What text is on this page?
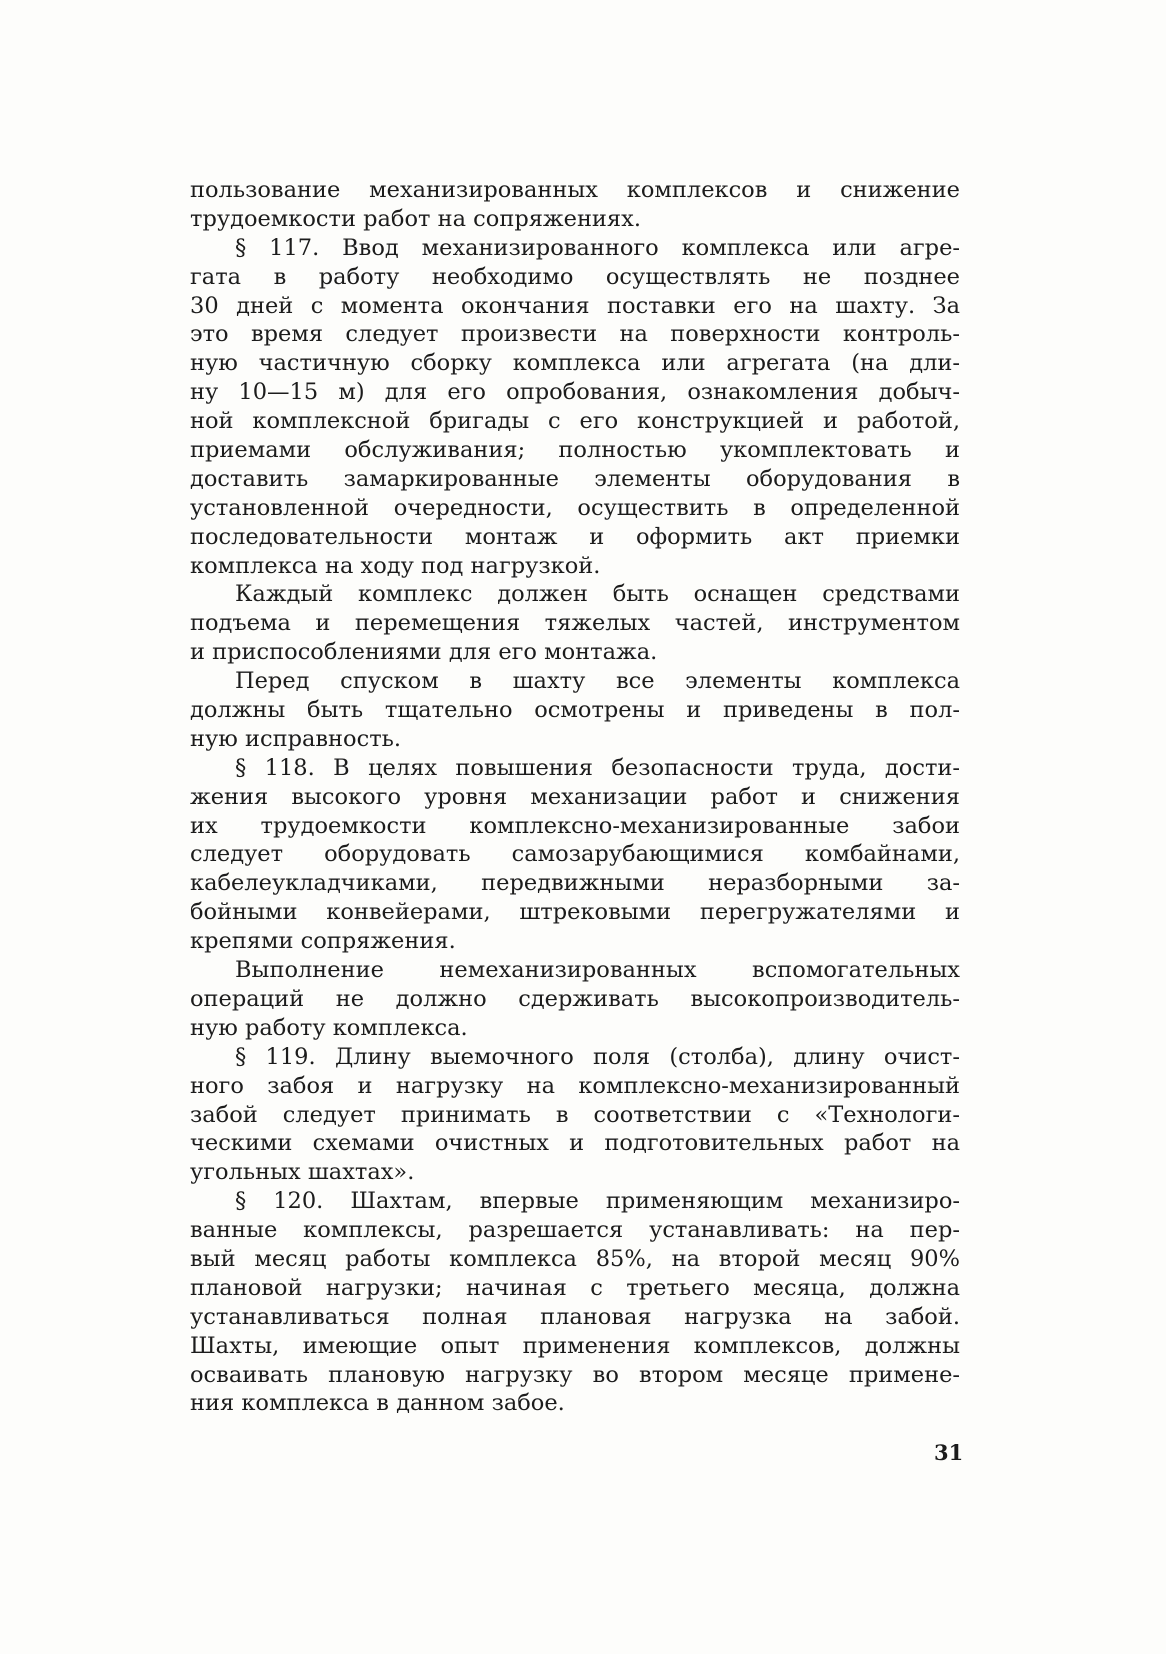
пользование механизированных комплексов и снижение
трудоемкости работ на сопряжениях.
§ 117. Ввод механизированного комплекса или агре-
гата в работу необходимо осуществлять не позднее
30 дней с момента окончания поставки его на шахту. За
это время следует произвести на поверхности контроль-
ную частичную сборку комплекса или агрегата (на дли-
ну 10—15 м) для его опробования, ознакомления добыч-
ной комплексной бригады с его конструкцией и работой,
приемами обслуживания; полностью укомплектовать и
доставить замаркированные элементы оборудования в
установленной очередности, осуществить в определенной
последовательности монтаж и оформить акт приемки
комплекса на ходу под нагрузкой.
Каждый комплекс должен быть оснащен средствами
подъема и перемещения тяжелых частей, инструментом
и приспособлениями для его монтажа.
Перед спуском в шахту все элементы комплекса
должны быть тщательно осмотрены и приведены в пол-
ную исправность.
§ 118. В целях повышения безопасности труда, дости-
жения высокого уровня механизации работ и снижения
их трудоемкости комплексно-механизированные забои
следует оборудовать самозарубающимися комбайнами,
кабелеукладчиками, передвижными неразборными за-
бойными конвейерами, штрековыми перегружателями и
крепями сопряжения.
Выполнение немеханизированных вспомогательных
операций не должно сдерживать высокопроизводитель-
ную работу комплекса.
§ 119. Длину выемочного поля (столба), длину очист-
ного забоя и нагрузку на комплексно-механизированный
забой следует принимать в соответствии с «Технологи-
ческими схемами очистных и подготовительных работ на
угольных шахтах».
§ 120. Шахтам, впервые применяющим механизиро-
ванные комплексы, разрешается устанавливать: на пер-
вый месяц работы комплекса 85%, на второй месяц 90%
плановой нагрузки; начиная с третьего месяца, должна
устанавливаться полная плановая нагрузка на забой.
Шахты, имеющие опыт применения комплексов, должны
осваивать плановую нагрузку во втором месяце примене-
ния комплекса в данном забое.
31
